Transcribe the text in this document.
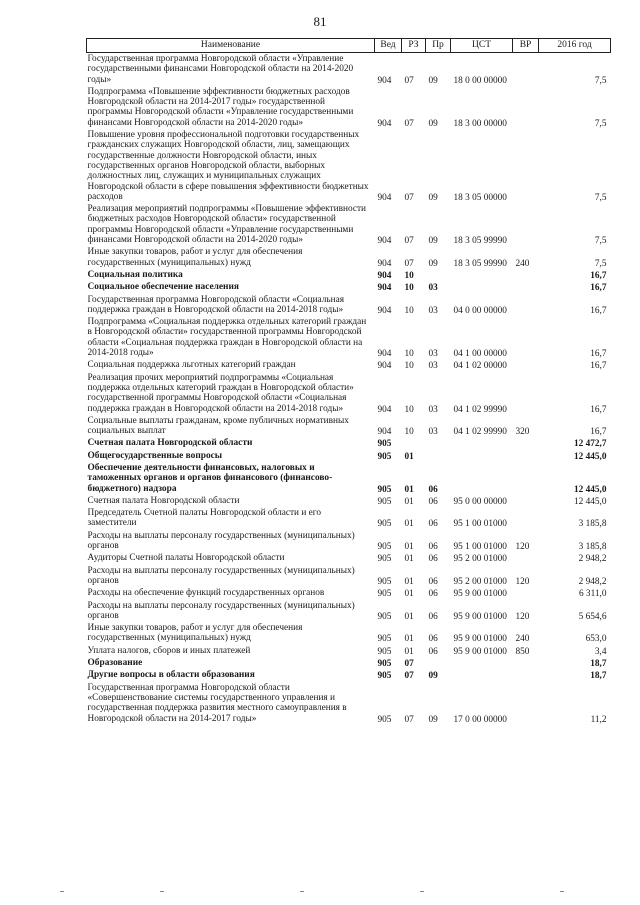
81
Наименование	Вед	РЗ	Пр	ЦСТ	ВР	2016 год
Государственная программа Новгородской области «Управление государственными финансами Новгородской области на 2014-2020 годы»	904	07	09	18 0 00 00000		7,5
Подпрограмма «Повышение эффективности бюджетных расходов Новгородской области на 2014-2017 годы» государственной программы Новгородской области «Управление государственными финансами Новгородской области на 2014-2020 годы»	904	07	09	18 3 00 00000		7,5
Повышение уровня профессиональной подготовки государственных гражданских служащих Новгородской области, лиц, замещающих государственные должности Новгородской области, иных государственных органов Новгородской области, выборных должностных лиц, служащих и муниципальных служащих Новгородской области в сфере повышения эффективности бюджетных расходов	904	07	09	18 3 05 00000		7,5
Реализация мероприятий подпрограммы «Повышение эффективности бюджетных расходов Новгородской области» государственной программы Новгородской области «Управление государственными финансами Новгородской области на 2014-2020 годы»	904	07	09	18 3 05 99990		7,5
Иные закупки товаров, работ и услуг для обеспечения государственных (муниципальных) нужд	904	07	09	18 3 05 99990	240	7,5
Социальная политика	904	10				16,7
Социальное обеспечение населения	904	10	03			16,7
Государственная программа Новгородской области «Социальная поддержка граждан в Новгородской области на 2014-2018 годы»	904	10	03	04 0 00 00000		16,7
Подпрограмма «Социальная поддержка отдельных категорий граждан в Новгородской области» государственной программы Новгородской области «Социальная поддержка граждан в Новгородской области на 2014-2018 годы»	904	10	03	04 1 00 00000		16,7
Социальная поддержка льготных категорий граждан	904	10	03	04 1 02 00000		16,7
Реализация прочих мероприятий подпрограммы «Социальная поддержка отдельных категорий граждан в Новгородской области» государственной программы Новгородской области «Социальная поддержка граждан в Новгородской области на 2014-2018 годы»	904	10	03	04 1 02 99990		16,7
Социальные выплаты гражданам, кроме публичных нормативных социальных выплат	904	10	03	04 1 02 99990	320	16,7
Счетная палата Новгородской области	905					12 472,7
Общегосударственные вопросы	905	01				12 445,0
Обеспечение деятельности финансовых, налоговых и таможенных органов и органов финансового (финансово-бюджетного) надзора	905	01	06			12 445,0
Счетная палата Новгородской области	905	01	06	95 0 00 00000		12 445,0
Председатель Счетной палаты Новгородской области и его заместители	905	01	06	95 1 00 01000		3 185,8
Расходы на выплаты персоналу государственных (муниципальных) органов	905	01	06	95 1 00 01000	120	3 185,8
Аудиторы Счетной палаты Новгородской области	905	01	06	95 2 00 01000		2 948,2
Расходы на выплаты персоналу государственных (муниципальных) органов	905	01	06	95 2 00 01000	120	2 948,2
Расходы на обеспечение функций государственных органов	905	01	06	95 9 00 01000		6 311,0
Расходы на выплаты персоналу государственных (муниципальных) органов	905	01	06	95 9 00 01000	120	5 654,6
Иные закупки товаров, работ и услуг для обеспечения государственных (муниципальных) нужд	905	01	06	95 9 00 01000	240	653,0
Уплата налогов, сборов и иных платежей	905	01	06	95 9 00 01000	850	3,4
Образование	905	07				18,7
Другие вопросы в области образования	905	07	09			18,7
Государственная программа Новгородской области «Совершенствование системы государственного управления и государственная поддержка развития местного самоуправления в Новгородской области на 2014-2017 годы»	905	07	09	17 0 00 00000		11,2
